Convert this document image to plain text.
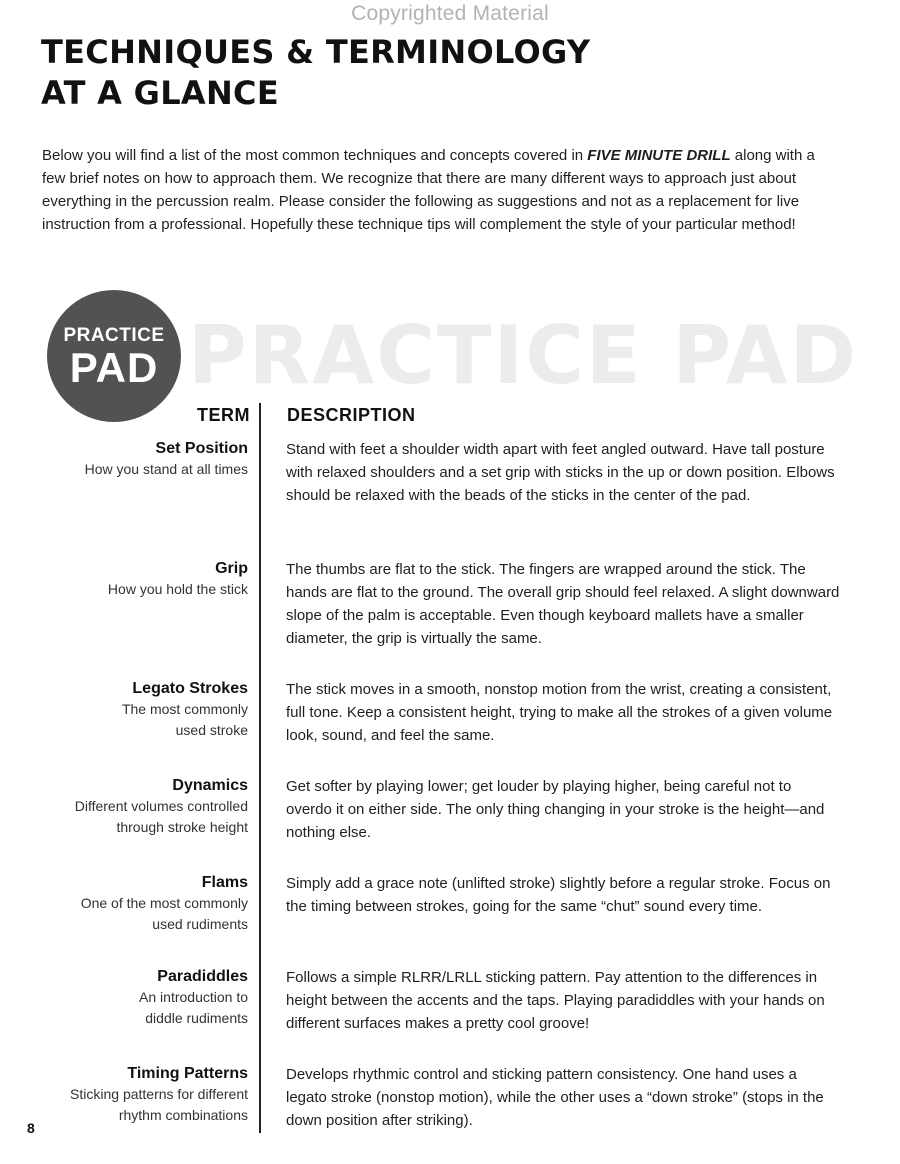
Copyrighted Material
TECHNIQUES & TERMINOLOGY
AT A GLANCE

Below you will find a list of the most common techniques and concepts covered in FIVE MINUTE DRILL along with a few brief notes on how to approach them. We recognize that there are many different ways to approach just about everything in the percussion realm. Please consider the following as suggestions and not as a replacement for live instruction from a professional. Hopefully these technique tips will complement the style of your particular method!

PRACTICE PAD
PRACTICE
PAD
TERM DESCRIPTION
Set Position
How you stand at all times
Stand with feet a shoulder width apart with feet angled outward. Have tall posture with relaxed shoulders and a set grip with sticks in the up or down position. Elbows should be relaxed with the beads of the sticks in the center of the pad.
Grip
How you hold the stick
The thumbs are flat to the stick. The fingers are wrapped around the stick. The hands are flat to the ground. The overall grip should feel relaxed. A slight downward slope of the palm is acceptable. Even though keyboard mallets have a smaller diameter, the grip is virtually the same.
Legato Strokes
The most commonly
used stroke
The stick moves in a smooth, nonstop motion from the wrist, creating a consistent, full tone. Keep a consistent height, trying to make all the strokes of a given volume look, sound, and feel the same.
Dynamics
Different volumes controlled
through stroke height
Get softer by playing lower; get louder by playing higher, being careful not to overdo it on either side. The only thing changing in your stroke is the height—and nothing else.
Flams
One of the most commonly
used rudiments
Simply add a grace note (unlifted stroke) slightly before a regular stroke. Focus on the timing between strokes, going for the same “chut” sound every time.
Paradiddles
An introduction to
diddle rudiments
Follows a simple RLRR/LRLL sticking pattern. Pay attention to the differences in height between the accents and the taps. Playing paradiddles with your hands on different surfaces makes a pretty cool groove!
Timing Patterns
Sticking patterns for different
rhythm combinations
Develops rhythmic control and sticking pattern consistency. One hand uses a legato stroke (nonstop motion), while the other uses a “down stroke” (stops in the down position after striking).
8
